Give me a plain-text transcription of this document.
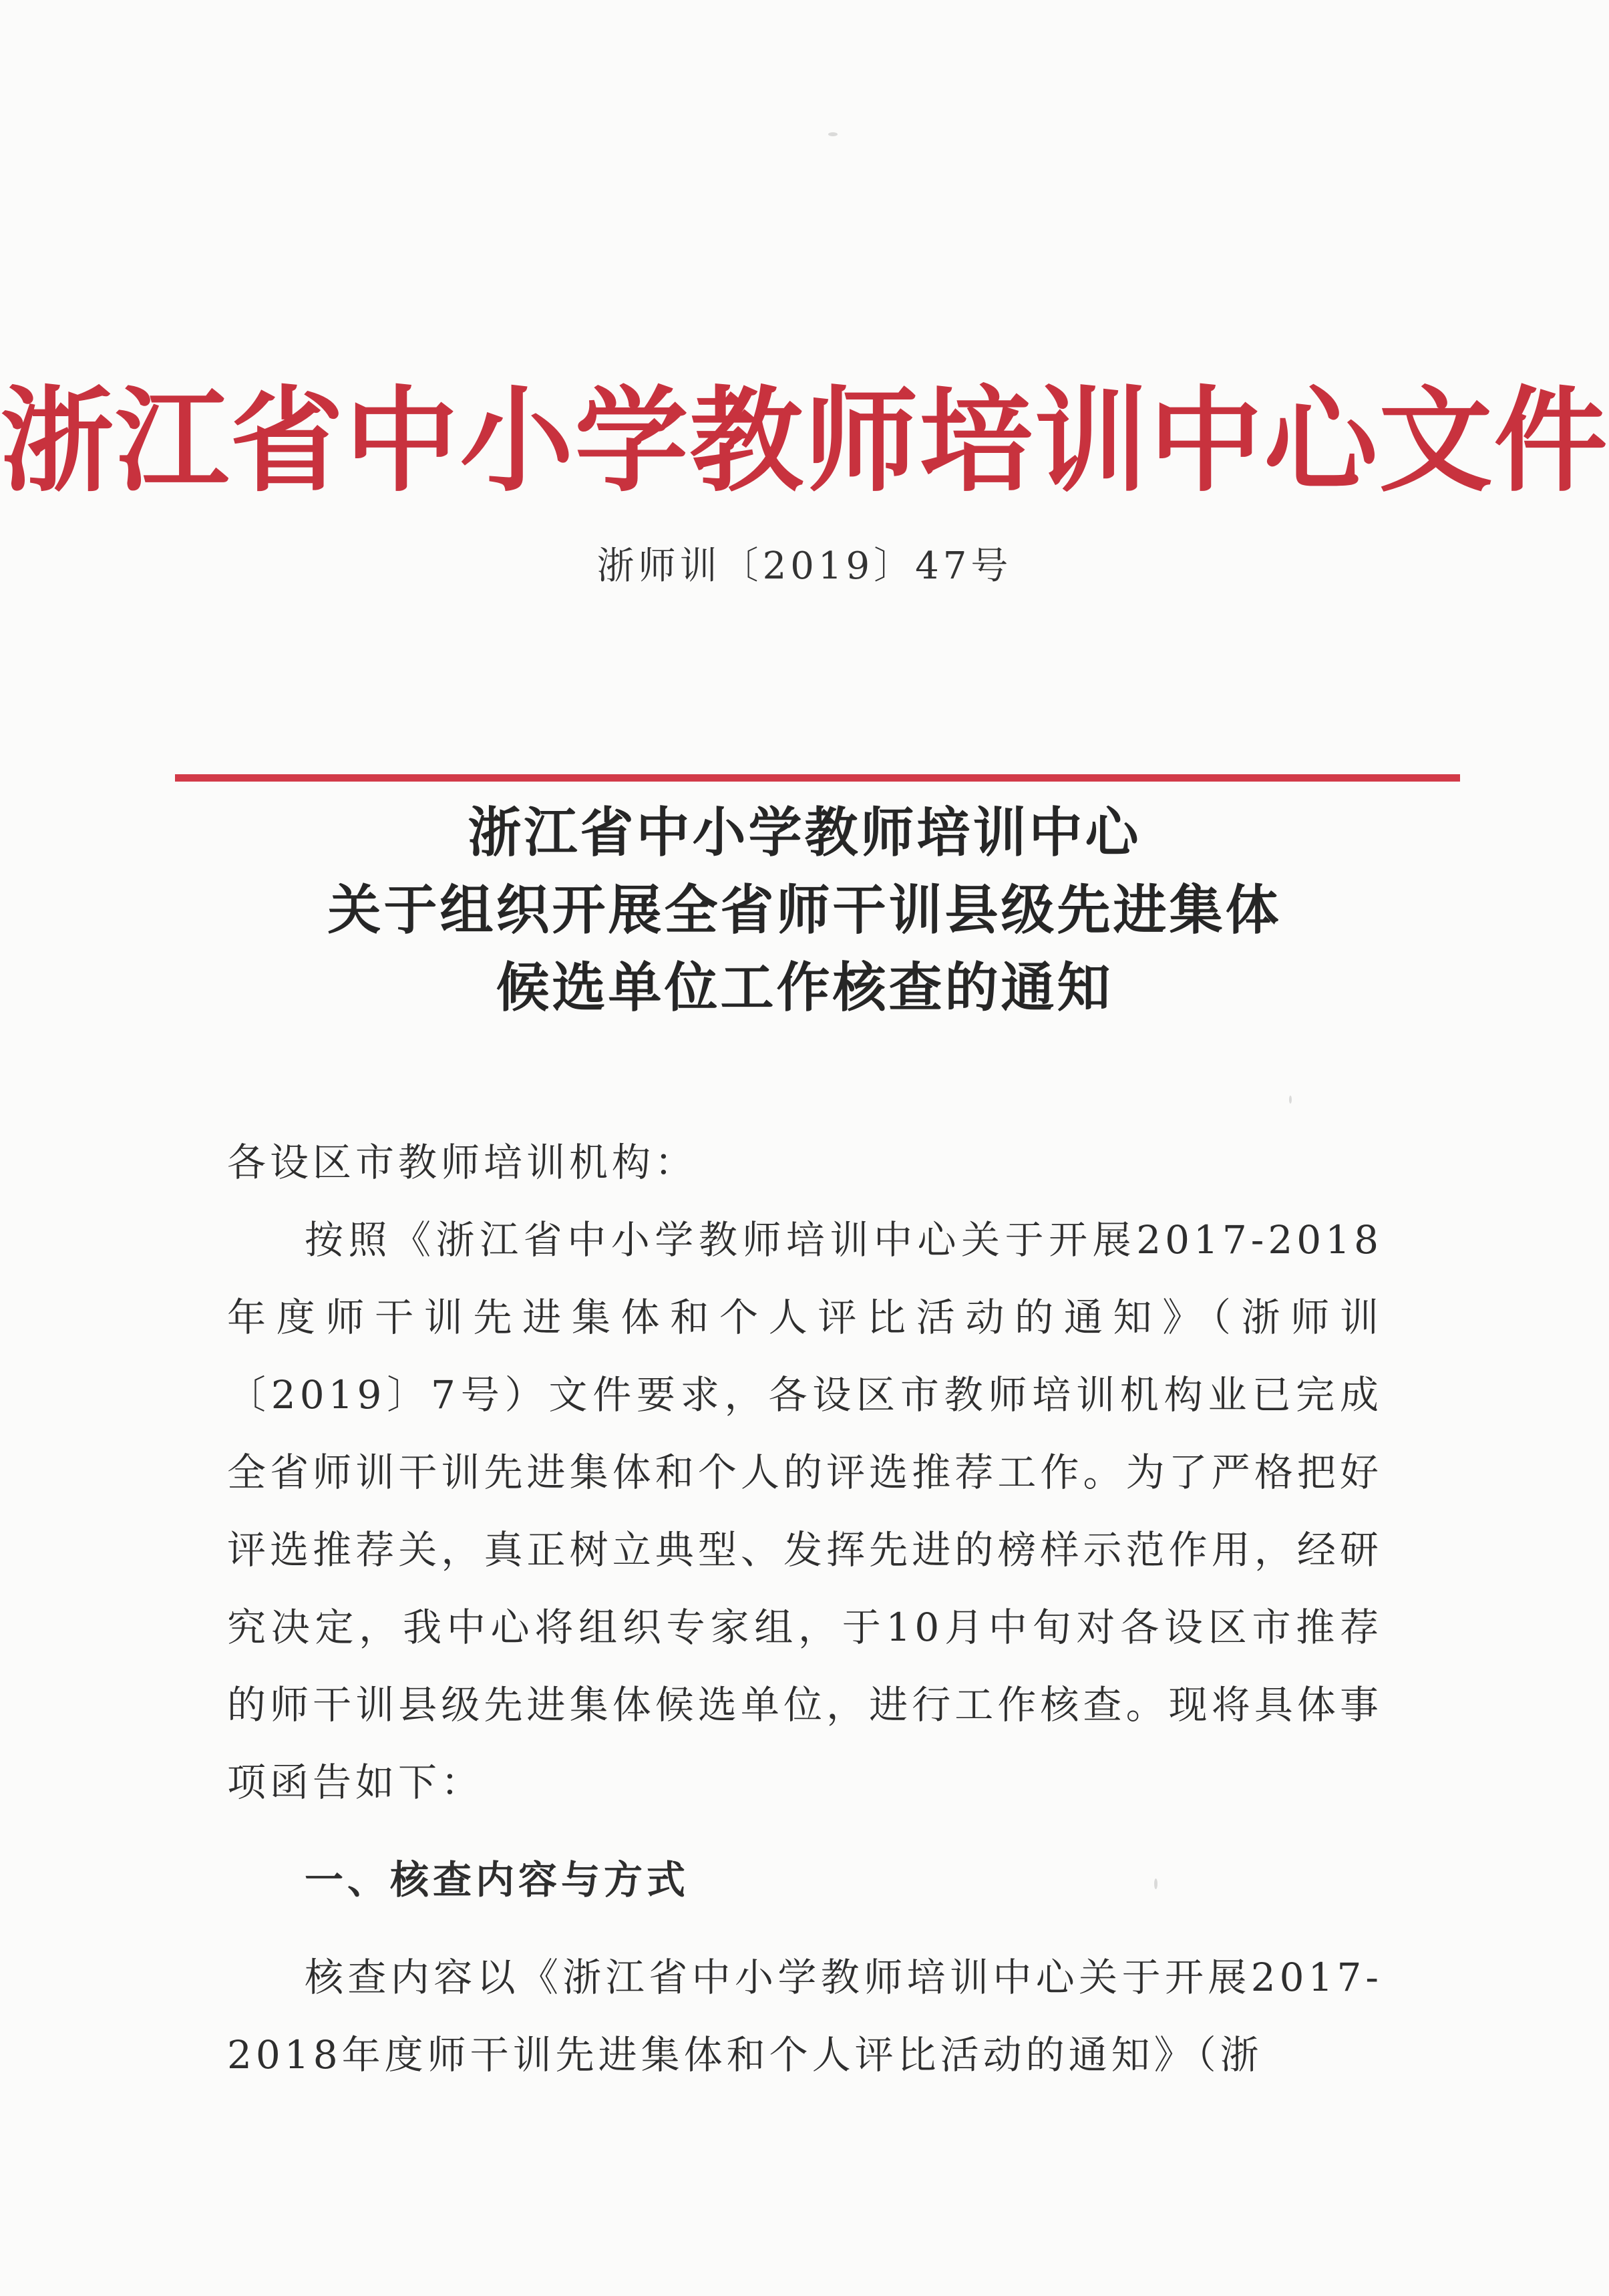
浙江省中小学教师培训中心文件
浙师训〔2019〕47号
浙江省中小学教师培训中心
关于组织开展全省师干训县级先进集体
候选单位工作核查的通知

各设区市教师培训机构：

按照《浙江省中小学教师培训中心关于开展2017-2018年度师干训先进集体和个人评比活动的通知》（浙师训〔2019〕7号）文件要求，各设区市教师培训机构业已完成全省师训干训先进集体和个人的评选推荐工作。为了严格把好评选推荐关，真正树立典型、发挥先进的榜样示范作用，经研究决定，我中心将组织专家组，于10月中旬对各设区市推荐的师干训县级先进集体候选单位，进行工作核查。现将具体事项函告如下：

一、核查内容与方式

核查内容以《浙江省中小学教师培训中心关于开展2017-2018年度师干训先进集体和个人评比活动的通知》（浙
